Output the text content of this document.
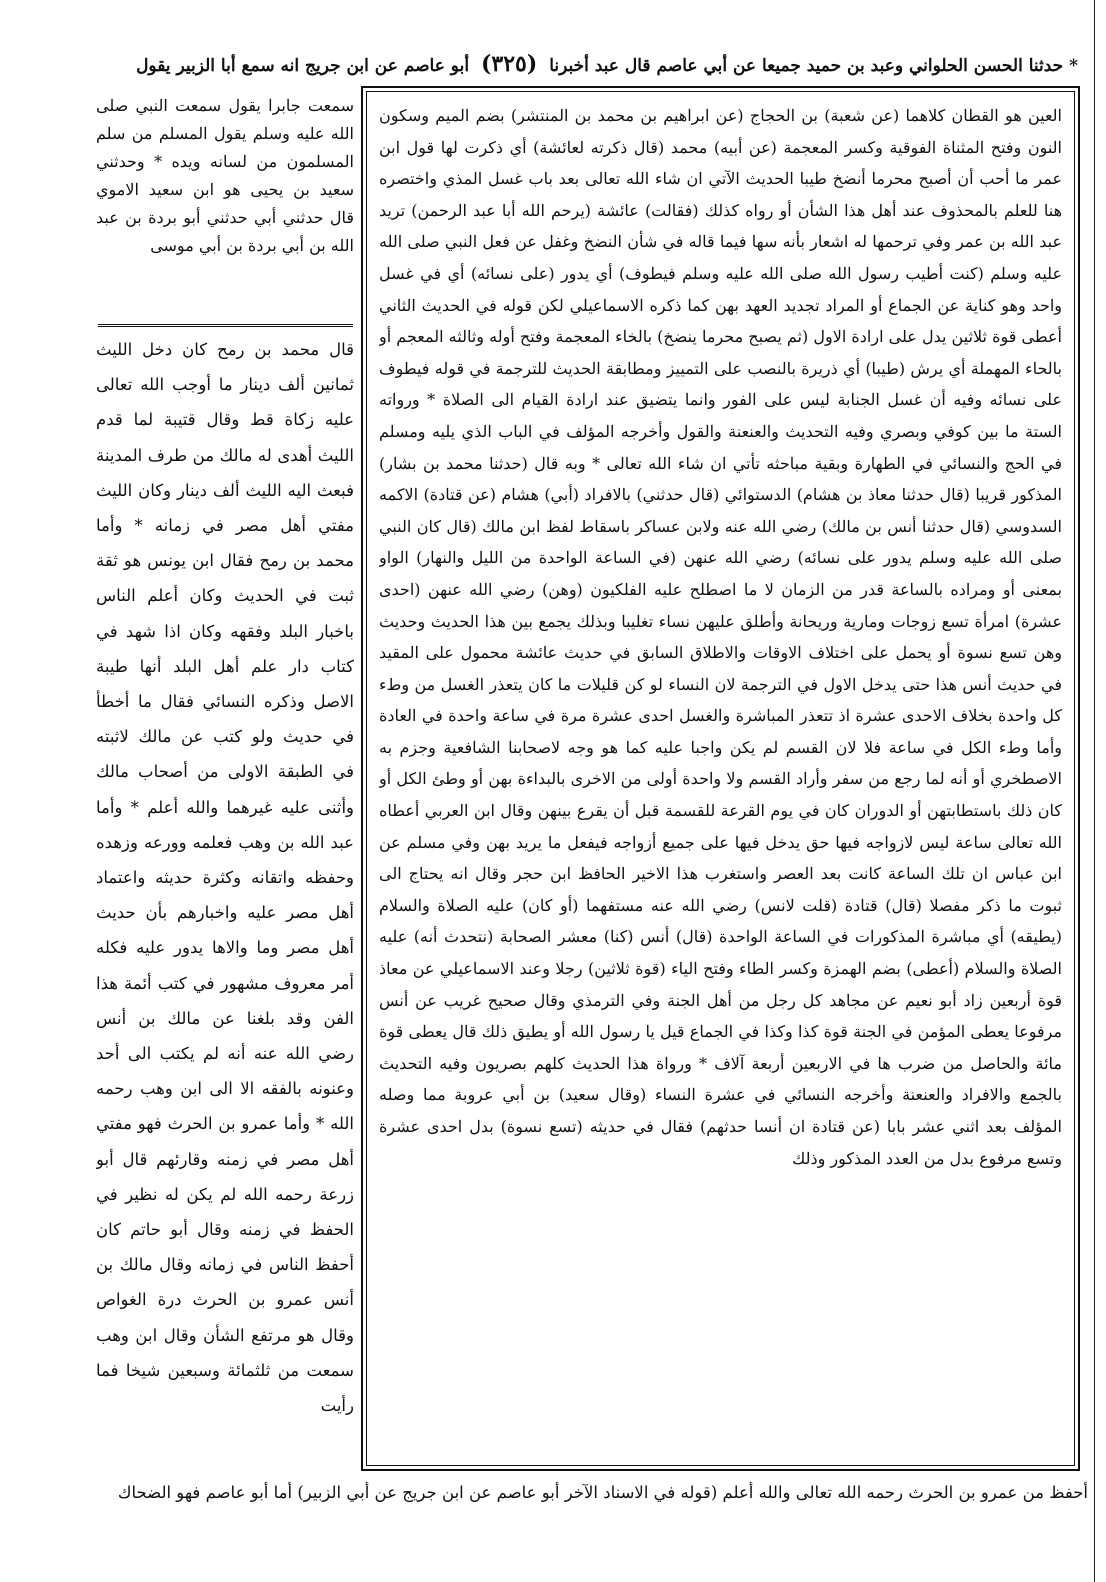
* حدثنا الحسن الحلواني وعبد بن حميد جميعا عن أبي عاصم قال عبد أخبرنا (٣٢٥) أبو عاصم عن ابن جريج انه سمع أبا الزبير يقول

العين هو القطان كلاهما (عن شعبة) بن الحجاج (عن ابراهيم بن محمد بن المنتشر) بضم الميم وسكون النون وفتح المثناة الفوقية وكسر المعجمة (عن أبيه) محمد (قال ذكرته لعائشة) أي ذكرت لها قول ابن عمر ما أحب أن أصبح محرما أنضخ طيبا الحديث الآتي ان شاء الله تعالى بعد باب غسل المذي واختصره هنا للعلم بالمحذوف عند أهل هذا الشأن أو رواه كذلك (فقالت) عائشة (يرحم الله أبا عبد الرحمن) تريد عبد الله بن عمر وفي ترحمها له اشعار بأنه سها فيما قاله في شأن النضخ وغفل عن فعل النبي صلى الله عليه وسلم (كنت أطيب رسول الله صلى الله عليه وسلم فيطوف) أي يدور (على نسائه) أي في غسل واحد وهو كناية عن الجماع أو المراد تجديد العهد بهن كما ذكره الاسماعيلي لكن قوله في الحديث الثاني أعطى قوة ثلاثين يدل على ارادة الاول (ثم يصبح محرما ينضخ) بالخاء المعجمة وفتح أوله وثالثه المعجم أو بالحاء المهملة أي يرش (طيبا) أي ذريرة بالنصب على التمييز ومطابقة الحديث للترجمة في قوله فيطوف على نسائه وفيه أن غسل الجنابة ليس على الفور وانما يتضيق عند ارادة القيام الى الصلاة * ورواته الستة ما بين كوفي وبصري وفيه التحديث والعنعنة والقول وأخرجه المؤلف في الباب الذي يليه ومسلم في الحج والنسائي في الطهارة وبقية مباحثه تأتي ان شاء الله تعالى * وبه قال (حدثنا محمد بن بشار) المذكور قريبا (قال حدثنا معاذ بن هشام) الدستوائي (قال حدثني) بالافراد (أبي) هشام (عن قتادة) الاكمه السدوسي (قال حدثنا أنس بن مالك) رضي الله عنه ولابن عساكر باسقاط لفظ ابن مالك (قال كان النبي صلى الله عليه وسلم يدور على نسائه) رضي الله عنهن (في الساعة الواحدة من الليل والنهار) الواو بمعنى أو ومراده بالساعة قدر من الزمان لا ما اصطلح عليه الفلكيون (وهن) رضي الله عنهن (احدى عشرة) امرأة تسع زوجات ومارية وريحانة وأطلق عليهن نساء تغليبا وبذلك يجمع بين هذا الحديث وحديث وهن تسع نسوة أو يحمل على اختلاف الاوقات والاطلاق السابق في حديث عائشة محمول على المقيد في حديث أنس هذا حتى يدخل الاول في الترجمة لان النساء لو كن قليلات ما كان يتعذر الغسل من وطء كل واحدة بخلاف الاحدى عشرة اذ تتعذر المباشرة والغسل احدى عشرة مرة في ساعة واحدة في العادة وأما وطء الكل في ساعة فلا لان القسم لم يكن واجبا عليه كما هو وجه لاصحابنا الشافعية وجزم به الاصطخري أو أنه لما رجع من سفر وأراد القسم ولا واحدة أولى من الاخرى بالبداءة بهن أو وطئ الكل أو كان ذلك باستطابتهن أو الدوران كان في يوم القرعة للقسمة قبل أن يقرع بينهن وقال ابن العربي أعطاه الله تعالى ساعة ليس لازواجه فيها حق يدخل فيها على جميع أزواجه فيفعل ما يريد بهن وفي مسلم عن ابن عباس ان تلك الساعة كانت بعد العصر واستغرب هذا الاخير الحافظ ابن حجر وقال انه يحتاج الى ثبوت ما ذكر مفصلا (قال) قتادة (قلت لانس) رضي الله عنه مستفهما (أو كان) عليه الصلاة والسلام (يطيقه) أي مباشرة المذكورات في الساعة الواحدة (قال) أنس (كنا) معشر الصحابة (نتحدث أنه) عليه الصلاة والسلام (أعطى) بضم الهمزة وكسر الطاء وفتح الياء (قوة ثلاثين) رجلا وعند الاسماعيلي عن معاذ قوة أربعين زاد أبو نعيم عن مجاهد كل رجل من أهل الجنة وفي الترمذي وقال صحيح غريب عن أنس مرفوعا يعطى المؤمن في الجنة قوة كذا وكذا في الجماع قيل يا رسول الله أو يطيق ذلك قال يعطى قوة مائة والحاصل من ضرب ها في الاربعين أربعة آلاف * ورواة هذا الحديث كلهم بصريون وفيه التحديث بالجمع والافراد والعنعنة وأخرجه النسائي في عشرة النساء (وقال سعيد) بن أبي عروبة مما وصله المؤلف بعد اثني عشر بابا (عن قتادة ان أنسا حدثهم) فقال في حديثه (تسع نسوة) بدل احدى عشرة وتسع مرفوع بدل من العدد المذكور وذلك

سمعت جابرا يقول سمعت النبي صلى الله عليه وسلم يقول المسلم من سلم المسلمون من لسانه ويده * وحدثني سعيد بن يحيى هو ابن سعيد الاموي قال حدثني أبي حدثني أبو بردة بن عبد الله بن أبي بردة بن أبي موسى

قال محمد بن رمح كان دخل الليث ثمانين ألف دينار ما أوجب الله تعالى عليه زكاة قط وقال قتيبة لما قدم الليث أهدى له مالك من طرف المدينة فبعث اليه الليث ألف دينار وكان الليث مفتي أهل مصر في زمانه * وأما محمد بن رمح فقال ابن يونس هو ثقة ثبت في الحديث وكان أعلم الناس باخبار البلد وفقهه وكان اذا شهد في كتاب دار علم أهل البلد أنها طيبة الاصل وذكره النسائي فقال ما أخطأ في حديث ولو كتب عن مالك لاثبته في الطبقة الاولى من أصحاب مالك وأثنى عليه غيرهما والله أعلم * وأما عبد الله بن وهب فعلمه وورعه وزهده وحفظه واتقانه وكثرة حديثه واعتماد أهل مصر عليه واخبارهم بأن حديث أهل مصر وما والاها يدور عليه فكله أمر معروف مشهور في كتب أئمة هذا الفن وقد بلغنا عن مالك بن أنس رضي الله عنه أنه لم يكتب الى أحد وعنونه بالفقه الا الى ابن وهب رحمه الله * وأما عمرو بن الحرث فهو مفتي أهل مصر في زمنه وقارئهم قال أبو زرعة رحمه الله لم يكن له نظير في الحفظ في زمنه وقال أبو حاتم كان أحفظ الناس في زمانه وقال مالك بن أنس عمرو بن الحرث درة الغواص وقال هو مرتفع الشأن وقال ابن وهب سمعت من ثلثمائة وسبعين شيخا فما رأيت

أحفظ من عمرو بن الحرث رحمه الله تعالى والله أعلم (قوله في الاسناد الآخر أبو عاصم عن ابن جريج عن أبي الزبير) أما أبو عاصم فهو الضحاك
